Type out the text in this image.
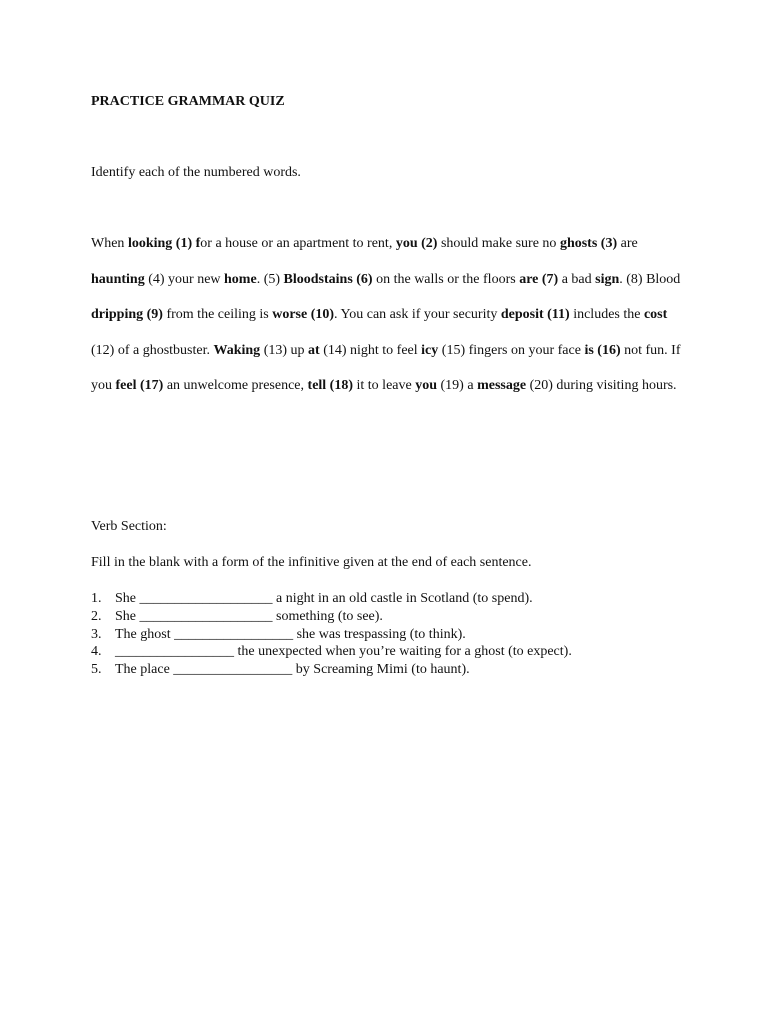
PRACTICE GRAMMAR QUIZ
Identify each of the numbered words.
When looking (1) for a house or an apartment to rent, you (2) should make sure no ghosts (3) are haunting (4) your new home. (5) Bloodstains (6) on the walls or the floors are (7) a bad sign. (8) Blood dripping (9) from the ceiling is worse (10). You can ask if your security deposit (11) includes the cost (12) of a ghostbuster. Waking (13) up at (14) night to feel icy (15) fingers on your face is (16) not fun. If you feel (17) an unwelcome presence, tell (18) it to leave you (19) a message (20) during visiting hours.
Verb Section:
Fill in the blank with a form of the infinitive given at the end of each sentence.
1. She ___________________ a night in an old castle in Scotland (to spend).
2. She ___________________ something (to see).
3. The ghost _________________ she was trespassing (to think).
4. _________________ the unexpected when you’re waiting for a ghost (to expect).
5. The place _________________ by Screaming Mimi (to haunt).
